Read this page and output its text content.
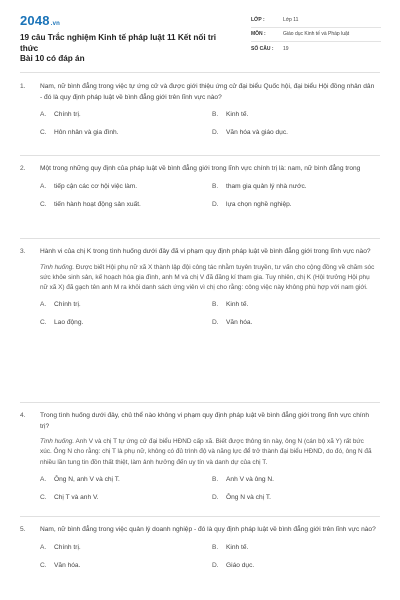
2048.vn
19 câu Trắc nghiệm Kinh tế pháp luật 11 Kết nối tri thức
Bài 10 có đáp án
LỚP :	Lớp 11
MÔN :	Giáo dục Kinh tế và Pháp luật
SỐ CÂU :	19
1.	Nam, nữ bình đẳng trong việc tự ứng cử và được giới thiệu ứng cử đại biểu Quốc hội, đại biểu Hội đồng nhân dân - đó là quy định pháp luật về bình đẳng giới trên lĩnh vực nào?
A.	Chính trị.	B.	Kinh tế.
C.	Hôn nhân và gia đình.	D.	Văn hóa và giáo dục.
2.	Một trong những quy định của pháp luật về bình đẳng giới trong lĩnh vực chính trị là: nam, nữ bình đẳng trong
A.	tiếp cận các cơ hội việc làm.	B.	tham gia quản lý nhà nước.
C.	tiến hành hoạt động sản xuất.	D.	lựa chọn nghề nghiệp.
3.	Hành vi của chị K trong tình huống dưới đây đã vi phạm quy định pháp luật về bình đẳng giới trong lĩnh vực nào?
Tình huống. Được biết Hội phụ nữ xã X thành lập đội công tác nhằm tuyên truyền, tư vấn cho cộng đồng về chăm sóc sức khỏe sinh sản, kế hoạch hóa gia đình, anh M và chị V đã đăng kí tham gia. Tuy nhiên, chị K (Hội trưởng Hội phụ nữ xã X) đã gạch tên anh M ra khỏi danh sách ứng viên vì chị cho rằng: công việc này không phù hợp với nam giới.
A.	Chính trị.	B.	Kinh tế.
C.	Lao động.	D.	Văn hóa.
4.	Trong tình huống dưới đây, chủ thể nào không vi phạm quy định pháp luật về bình đẳng giới trong lĩnh vực chính trị?
Tình huống. Anh V và chị T tự ứng cử đại biểu HĐND cấp xã. Biết được thông tin này, ông N (cán bộ xã Y) rất bức xúc. Ông N cho rằng: chị T là phụ nữ, không có đủ trình độ và năng lực để trở thành đại biểu HĐND, do đó, ông N đã nhiều lần tung tin đồn thất thiệt, làm ảnh hưởng đến uy tín và danh dự của chị T.
A.	Ông N, anh V và chị T.	B.	Anh V và ông N.
C.	Chị T và anh V.	D.	Ông N và chị T.
5.	Nam, nữ bình đẳng trong việc quản lý doanh nghiệp - đó là quy định pháp luật về bình đẳng giới trên lĩnh vực nào?
A.	Chính trị.	B.	Kinh tế.
C.	Văn hóa.	D.	Giáo dục.
